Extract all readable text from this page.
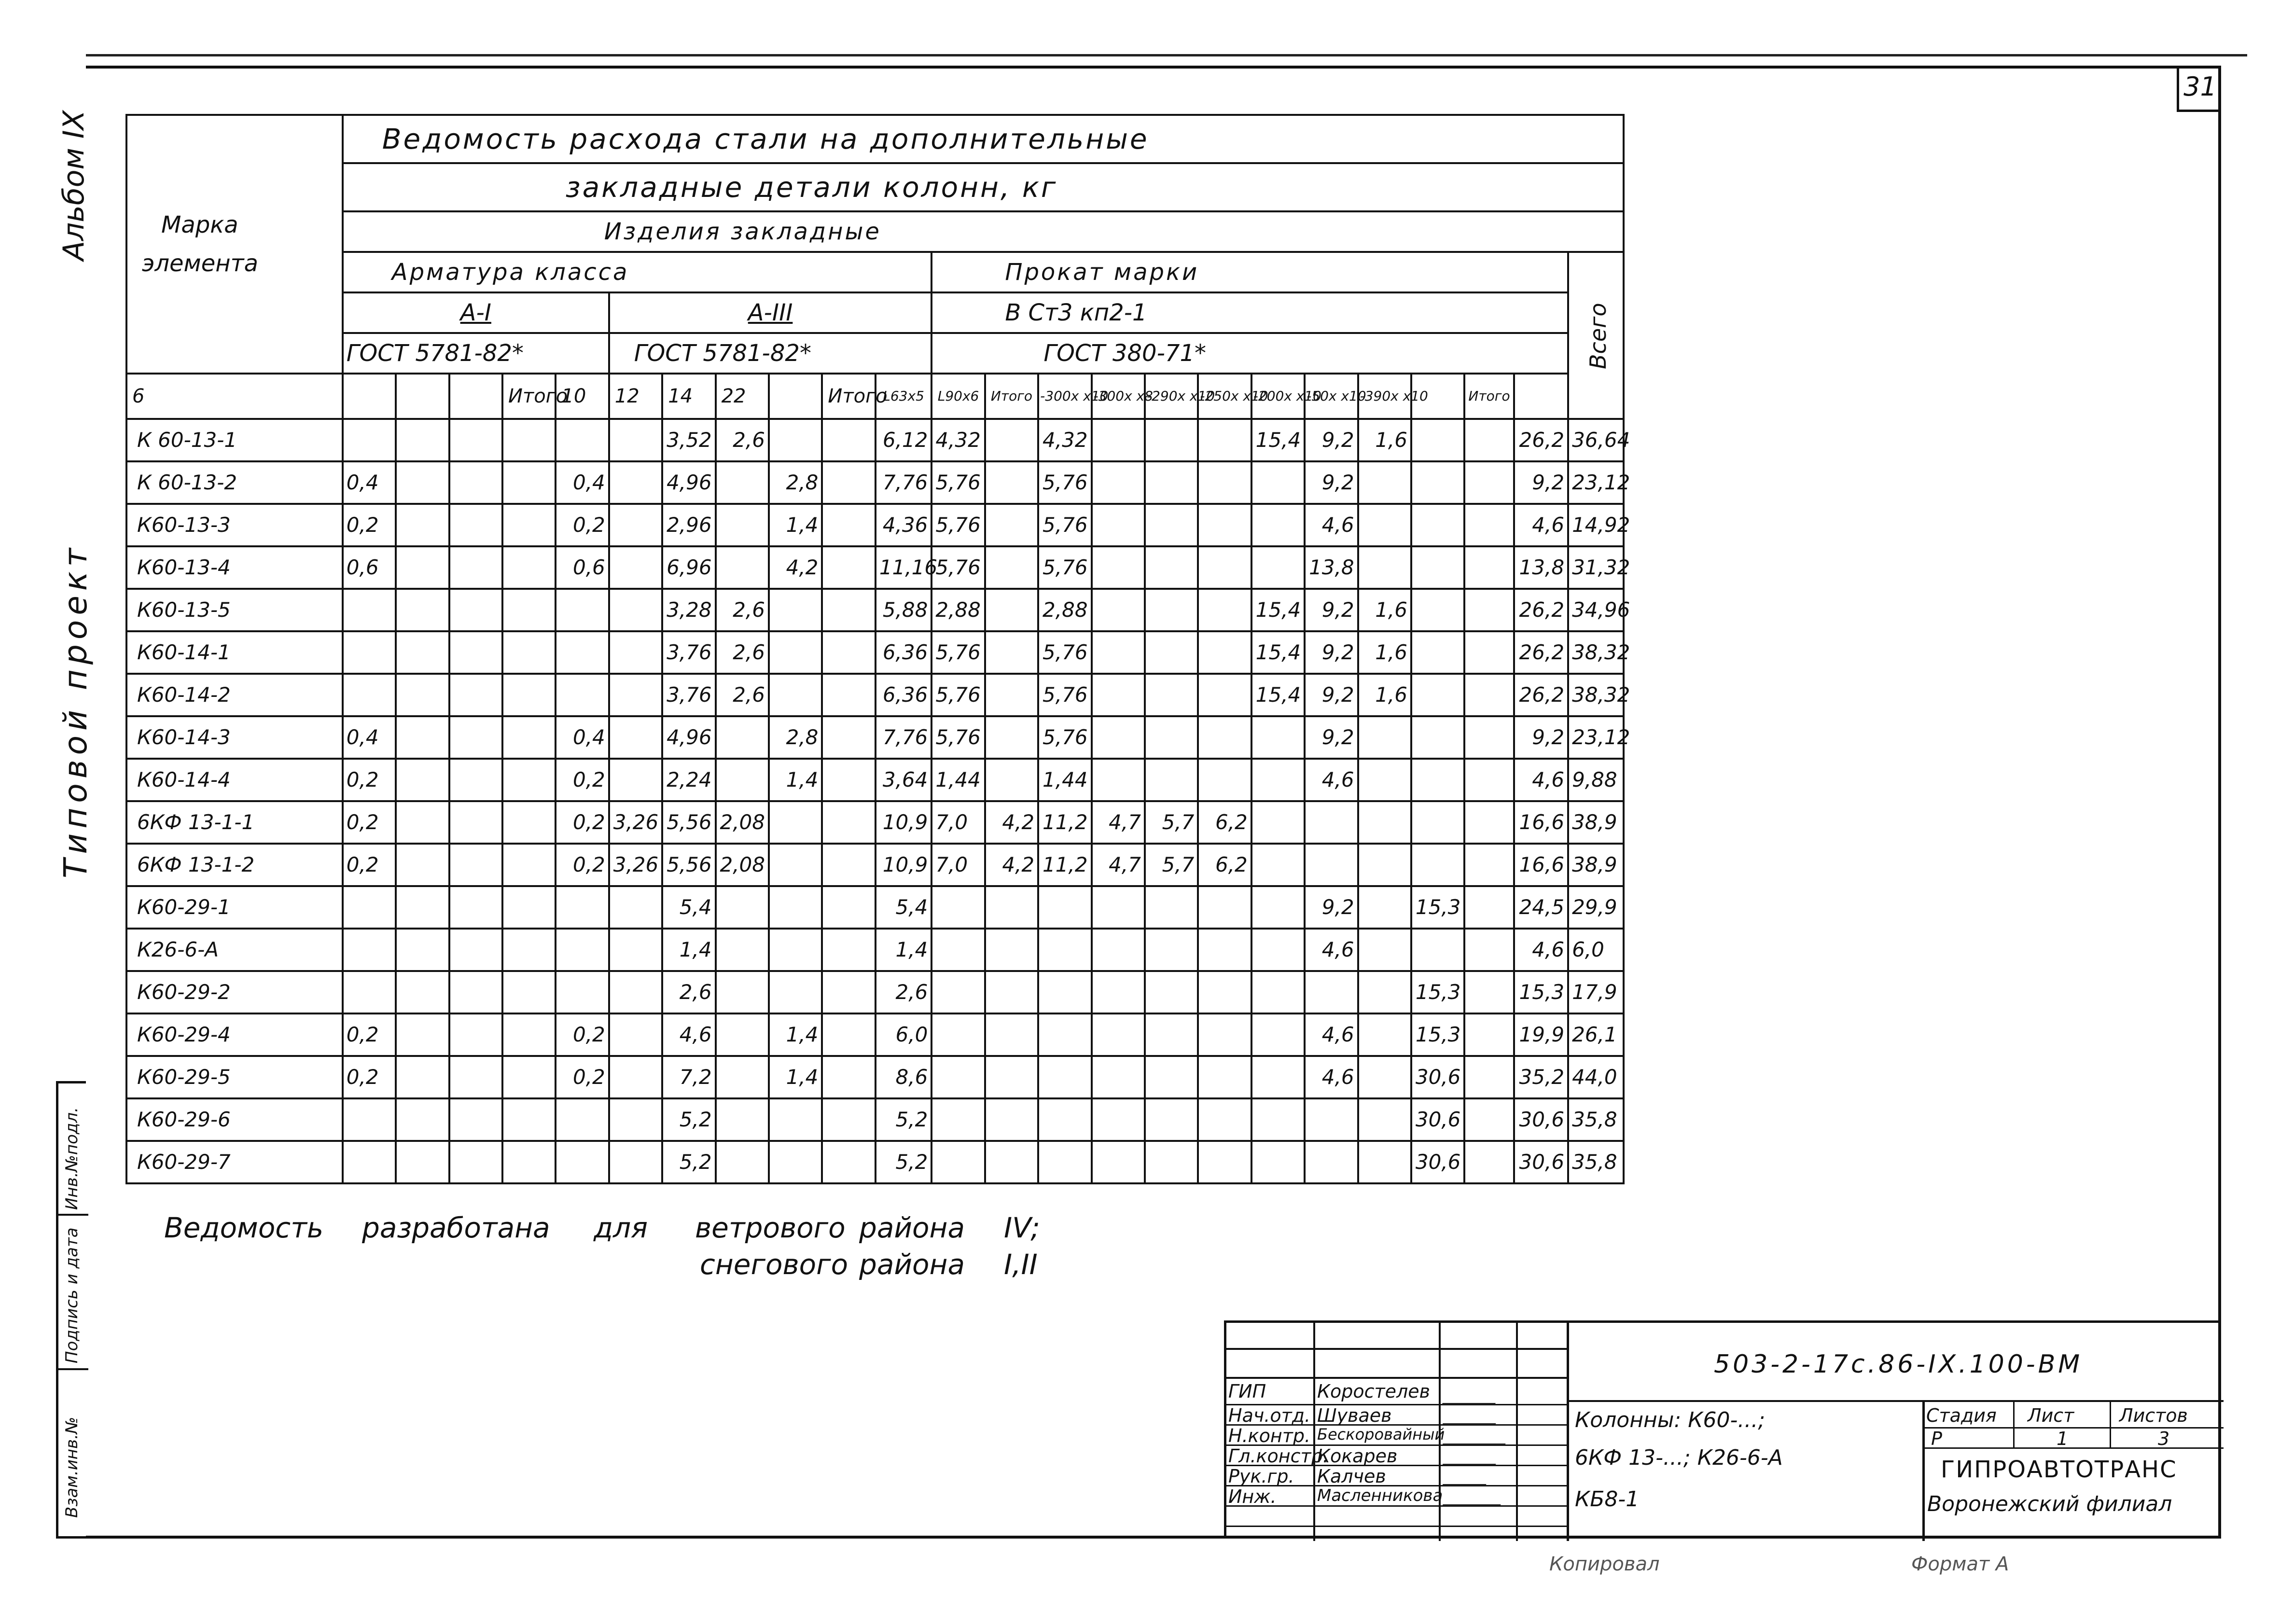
31
Альбом IX
Типовой проект
Инв.№подл.
Подпись и дата
Взам.инв.№
Марка
элемента	Ведомость расхода стали на дополнительные																							
	закладные детали колонн, кг																							
	Изделия закладные																							
	Арматура класса											Прокат марки												Всего

	А-I					А-III						В Ст3 кп2-1												
	ГОСТ 5781-82*					ГОСТ 5781-82*						ГОСТ 380-71*												
6				Итого	10	12	14	22		Итого	L63x5	L90x6	Итого	-300x x10	-300x x8	-290x x10	-250x x10	-200x x10	-50x x10	-390x x10		Итого		
К 60-13-1							3,52	2,6			6,12	4,32		4,32				15,4	9,2	1,6			26,2	36,64
К 60-13-2	0,4				0,4		4,96		2,8		7,76	5,76		5,76					9,2				9,2	23,12
К60-13-3	0,2				0,2		2,96		1,4		4,36	5,76		5,76					4,6				4,6	14,92
К60-13-4	0,6				0,6		6,96		4,2		11,16	5,76		5,76					13,8				13,8	31,32
К60-13-5							3,28	2,6			5,88	2,88		2,88				15,4	9,2	1,6			26,2	34,96
К60-14-1							3,76	2,6			6,36	5,76		5,76				15,4	9,2	1,6			26,2	38,32
К60-14-2							3,76	2,6			6,36	5,76		5,76				15,4	9,2	1,6			26,2	38,32
К60-14-3	0,4				0,4		4,96		2,8		7,76	5,76		5,76					9,2				9,2	23,12
К60-14-4	0,2				0,2		2,24		1,4		3,64	1,44		1,44					4,6				4,6	9,88
6КФ 13-1-1	0,2				0,2	3,26	5,56	2,08			10,9	7,0	4,2	11,2	4,7	5,7	6,2						16,6	38,9
6КФ 13-1-2	0,2				0,2	3,26	5,56	2,08			10,9	7,0	4,2	11,2	4,7	5,7	6,2						16,6	38,9
К60-29-1							5,4				5,4								9,2		15,3		24,5	29,9
К26-6-А							1,4				1,4								4,6				4,6	6,0
К60-29-2							2,6				2,6										15,3		15,3	17,9
К60-29-4	0,2				0,2		4,6		1,4		6,0								4,6		15,3		19,9	26,1
К60-29-5	0,2				0,2		7,2		1,4		8,6								4,6		30,6		35,2	44,0
К60-29-6							5,2				5,2										30,6		30,6	35,8
К60-29-7							5,2				5,2										30,6		30,6	35,8
Ведомость	разработана	для	ветрового района	IV;
снегового района	I,II
503-2-17с.86-IX.100-ВМ
ГИП
Нач.отд.
Н.контр.
Гл.констр.
Рук.гр.
Инж.
Коростелев
Шуваев
Бескоровайный
Кокарев
Калчев
Масленникова
Колонны: К60-...;
6КФ 13-...; К26-6-А
КБ8-1
Стадия Лист Листов
Р	1	3
ГИПРОАВТОТРАНС
Воронежский филиал
Копировал	Формат А
